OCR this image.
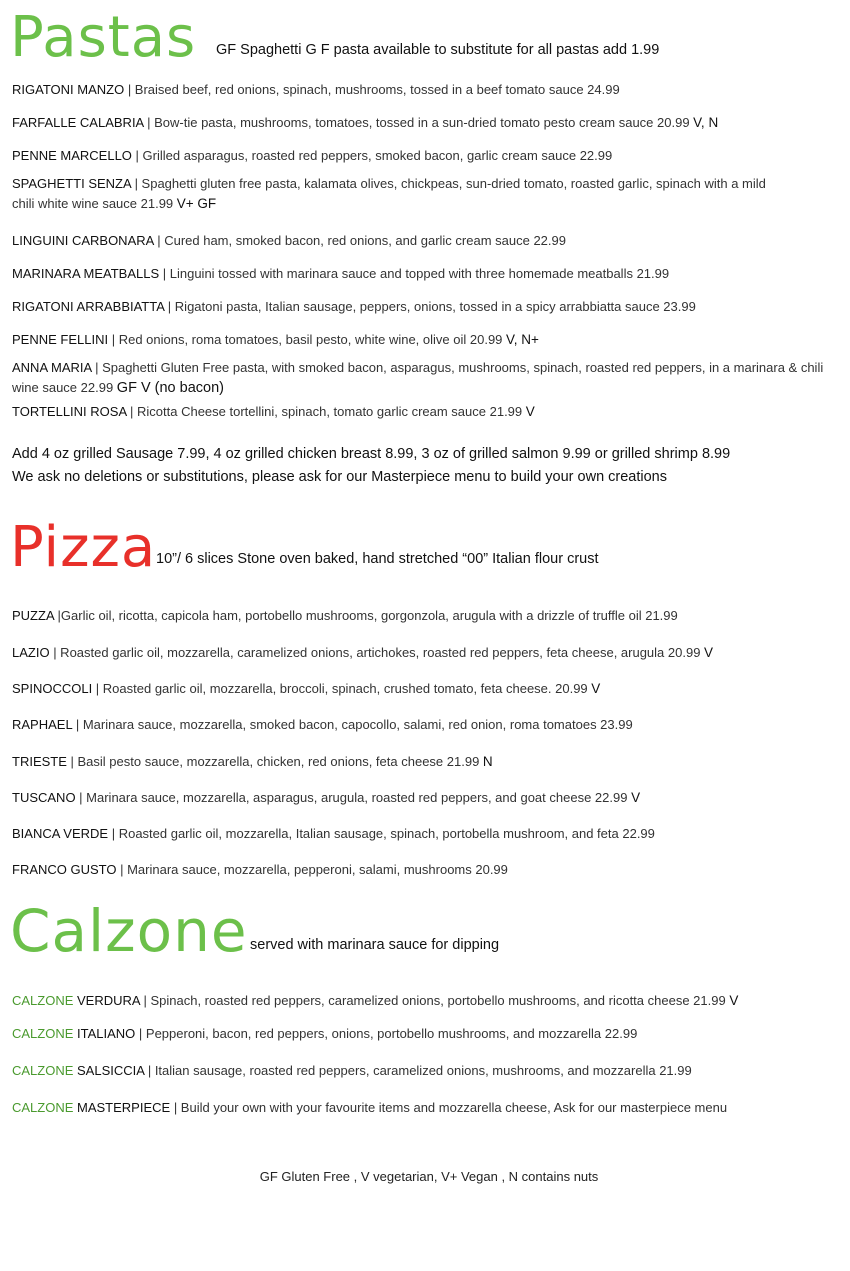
Pastas GF Spaghetti G F pasta available to substitute for all pastas add 1.99
RIGATONI MANZO | Braised beef, red onions, spinach, mushrooms, tossed in a beef tomato sauce 24.99
FARFALLE CALABRIA | Bow-tie pasta, mushrooms, tomatoes, tossed in a sun-dried tomato pesto cream sauce 20.99 V, N
PENNE MARCELLO | Grilled asparagus, roasted red peppers, smoked bacon, garlic cream sauce 22.99
SPAGHETTI SENZA | Spaghetti gluten free pasta, kalamata olives, chickpeas, sun-dried tomato, roasted garlic, spinach with a mild chili white wine sauce 21.99 V+ GF
LINGUINI CARBONARA | Cured ham, smoked bacon, red onions, and garlic cream sauce 22.99
MARINARA MEATBALLS | Linguini tossed with marinara sauce and topped with three homemade meatballs 21.99
RIGATONI ARRABBIATTA | Rigatoni pasta, Italian sausage, peppers, onions, tossed in a spicy arrabbiatta sauce 23.99
PENNE FELLINI | Red onions, roma tomatoes, basil pesto, white wine, olive oil 20.99 V, N+
ANNA MARIA | Spaghetti Gluten Free pasta, with smoked bacon, asparagus, mushrooms, spinach, roasted red peppers, in a marinara & chili wine sauce 22.99 GF V (no bacon)
TORTELLINI ROSA | Ricotta Cheese tortellini, spinach, tomato garlic cream sauce 21.99 V
Add 4 oz grilled Sausage 7.99, 4 oz grilled chicken breast 8.99, 3 oz of grilled salmon 9.99 or grilled shrimp 8.99
We ask no deletions or substitutions, please ask for our Masterpiece menu to build your own creations
Pizza 10”/ 6 slices Stone oven baked, hand stretched “00” Italian flour crust
PUZZA |Garlic oil, ricotta, capicola ham, portobello mushrooms, gorgonzola, arugula with a drizzle of truffle oil 21.99
LAZIO | Roasted garlic oil, mozzarella, caramelized onions, artichokes, roasted red peppers, feta cheese, arugula 20.99 V
SPINOCCOLI | Roasted garlic oil, mozzarella, broccoli, spinach, crushed tomato, feta cheese. 20.99 V
RAPHAEL | Marinara sauce, mozzarella, smoked bacon, capocollo, salami, red onion, roma tomatoes 23.99
TRIESTE | Basil pesto sauce, mozzarella, chicken, red onions, feta cheese 21.99 N
TUSCANO | Marinara sauce, mozzarella, asparagus, arugula, roasted red peppers, and goat cheese 22.99 V
BIANCA VERDE | Roasted garlic oil, mozzarella, Italian sausage, spinach, portobella mushroom, and feta 22.99
FRANCO GUSTO | Marinara sauce, mozzarella, pepperoni, salami, mushrooms 20.99
Calzone served with marinara sauce for dipping
CALZONE VERDURA | Spinach, roasted red peppers, caramelized onions, portobello mushrooms, and ricotta cheese 21.99 V
CALZONE ITALIANO | Pepperoni, bacon, red peppers, onions, portobello mushrooms, and mozzarella 22.99
CALZONE SALSICCIA | Italian sausage, roasted red peppers, caramelized onions, mushrooms, and mozzarella 21.99
CALZONE MASTERPIECE | Build your own with your favourite items and mozzarella cheese, Ask for our masterpiece menu
GF Gluten Free , V vegetarian, V+ Vegan , N contains nuts
